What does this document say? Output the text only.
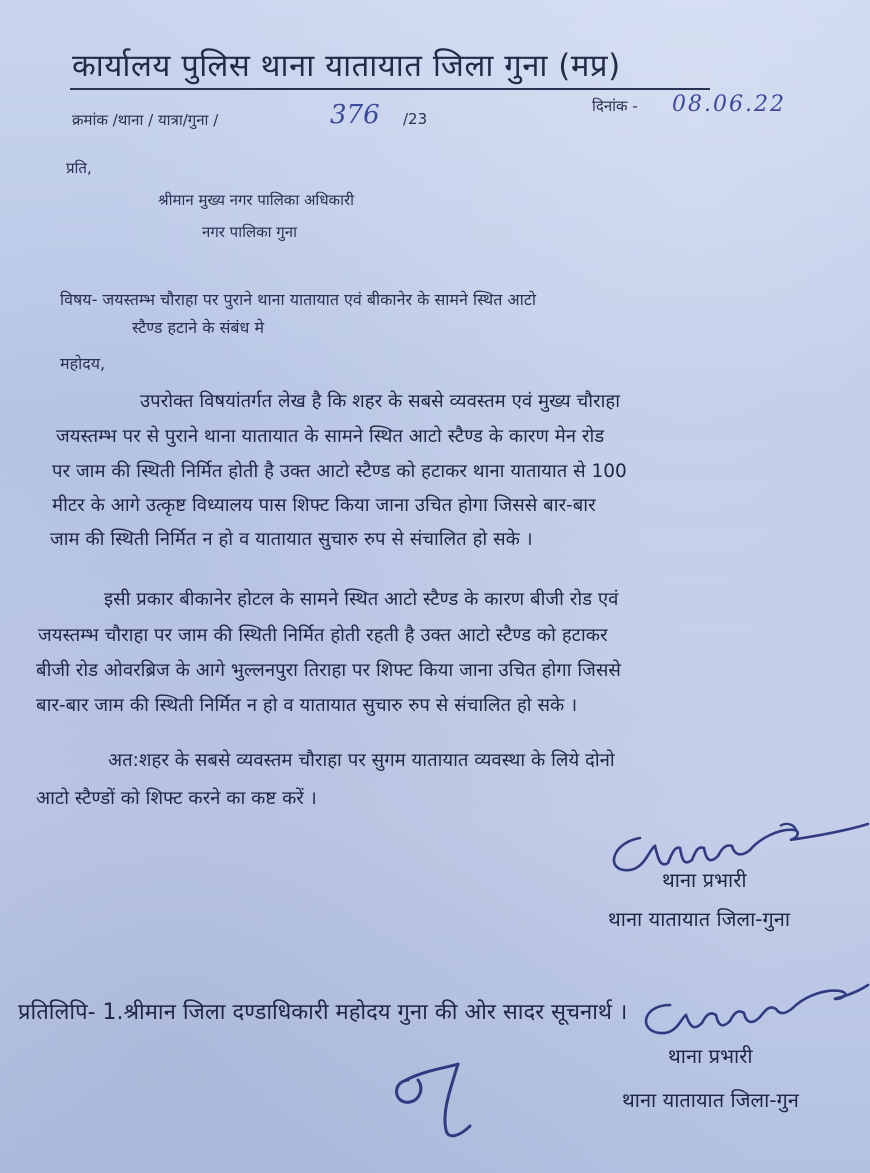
कार्यालय पुलिस थाना यातायात जिला गुना (मप्र)
क्रमांक /थाना / यात्रा/गुना /	376 /23
दिनांक - 08.06.22
प्रति,
श्रीमान मुख्य नगर पालिका अधिकारी
नगर पालिका गुना
विषय- जयस्तम्भ चौराहा पर पुराने थाना यातायात एवं बीकानेर के सामने स्थित आटो
स्टैण्ड हटाने के संबंध मे
महोदय,
उपरोक्त विषयांतर्गत लेख है कि शहर के सबसे व्यवस्तम एवं मुख्य चौराहा
जयस्तम्भ पर से पुराने थाना यातायात के सामने स्थित आटो स्टैण्ड के कारण मेन रोड
पर जाम की स्थिती निर्मित होती है उक्त आटो स्टैण्ड को हटाकर थाना यातायात से 100
मीटर के आगे उत्कृष्ट विध्यालय पास शिफ्ट किया जाना उचित होगा जिससे बार-बार
जाम की स्थिती निर्मित न हो व यातायात सुचारु रुप से संचालित हो सके ।
इसी प्रकार बीकानेर होटल के सामने स्थित आटो स्टैण्ड के कारण बीजी रोड एवं
जयस्तम्भ चौराहा पर जाम की स्थिती निर्मित होती रहती है उक्त आटो स्टैण्ड को हटाकर
बीजी रोड ओवरब्रिज के आगे भुल्लनपुरा तिराहा पर शिफ्ट किया जाना उचित होगा जिससे
बार-बार जाम की स्थिती निर्मित न हो व यातायात सुचारु रुप से संचालित हो सके ।
अत:शहर के सबसे व्यवस्तम चौराहा पर सुगम यातायात व्यवस्था के लिये दोनो
आटो स्टैण्डों को शिफ्ट करने का कष्ट करें ।
थाना प्रभारी
थाना यातायात जिला-गुना
प्रतिलिपि- 1.श्रीमान जिला दण्डाधिकारी महोदय गुना की ओर सादर सूचनार्थ ।
थाना प्रभारी
थाना यातायात जिला-गुन
